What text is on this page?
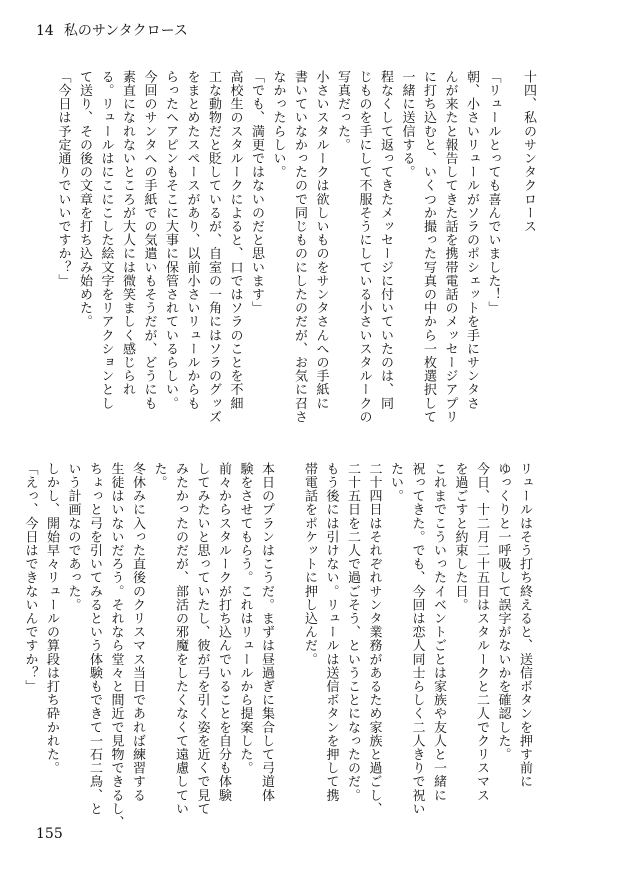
14 私のサンタクロース
十四、私のサンタクロース
「リュールとっても喜んでいました！」
朝、小さいリュールがソラのポシェットを手にサンタさ
んが来たと報告してきた話を携帯電話のメッセージアプリ
に打ち込むと、いくつか撮った写真の中から一枚選択して
一緒に送信する。
程なくして返ってきたメッセージに付いていたのは、同
じものを手にして不服そうにしている小さいスタルークの
写真だった。
小さいスタルークは欲しいものをサンタさんへの手紙に
書いていなかったので同じものにしたのだが、お気に召さ
なかったらしい。
「でも、満更ではないのだと思います」
高校生のスタルークによると、口ではソラのことを不細
工な動物だと貶しているが、自室の一角にはソラのグッズ
をまとめたスペースがあり、以前小さいリュールからも
らったヘアピンもそこに大事に保管されているらしい。
今回のサンタへの手紙での気遣いもそうだが、どうにも
素直になれないところが大人には微笑ましく感じられ
る。リュールはにこにこした絵文字をリアクションとし
て送り、その後の文章を打ち込み始めた。
「今日は予定通りでいいですか？」
リュールはそう打ち終えると、送信ボタンを押す前に
ゆっくりと一呼吸して誤字がないかを確認した。
今日、十二月二十五日はスタルークと二人でクリスマス
を過ごすと約束した日。
これまでこういったイベントごとは家族や友人と一緒に
祝ってきた。でも、今回は恋人同士らしく二人きりで祝い
たい。
二十四日はそれぞれサンタ業務があるため家族と過ごし、
二十五日を二人で過ごそう、ということになったのだ。
もう後には引けない。リュールは送信ボタンを押して携
帯電話をポケットに押し込んだ。
本日のプランはこうだ。まずは昼過ぎに集合して弓道体
験をさせてもらう。これはリュールから提案した。
前々からスタルークが打ち込んでいることを自分も体験
してみたいと思っていたし、彼が弓を引く姿を近くで見て
みたかったのだが、部活の邪魔をしたくなくて遠慮してい
た。
冬休みに入った直後のクリスマス当日であれば練習する
生徒はいないだろう。それなら堂々と間近で見物できるし、
ちょっと弓を引いてみるという体験もできて一石二鳥、と
いう計画なのであった。
しかし、開始早々リュールの算段は打ち砕かれた。
「えっ、今日はできないんですか？」
155
